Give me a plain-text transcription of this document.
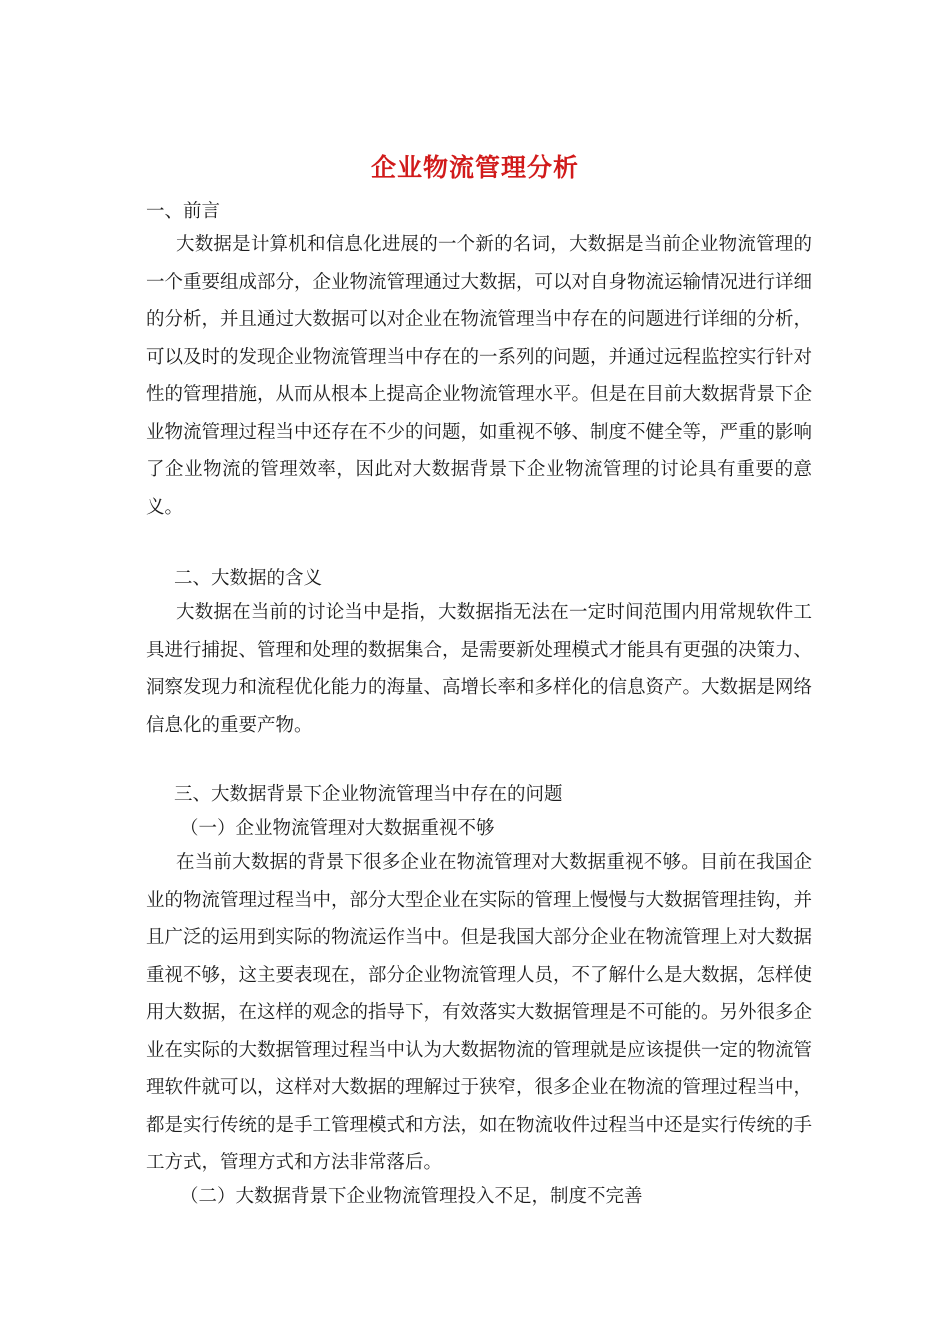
企业物流管理分析

一、前言

大数据是计算机和信息化进展的一个新的名词，大数据是当前企业物流管理的一个重要组成部分，企业物流管理通过大数据，可以对自身物流运输情况进行详细的分析，并且通过大数据可以对企业在物流管理当中存在的问题进行详细的分析，可以及时的发现企业物流管理当中存在的一系列的问题，并通过远程监控实行针对性的管理措施，从而从根本上提高企业物流管理水平。但是在目前大数据背景下企业物流管理过程当中还存在不少的问题，如重视不够、制度不健全等，严重的影响了企业物流的管理效率，因此对大数据背景下企业物流管理的讨论具有重要的意义。

二、大数据的含义

大数据在当前的讨论当中是指，大数据指无法在一定时间范围内用常规软件工具进行捕捉、管理和处理的数据集合，是需要新处理模式才能具有更强的决策力、洞察发现力和流程优化能力的海量、高增长率和多样化的信息资产。大数据是网络信息化的重要产物。

三、大数据背景下企业物流管理当中存在的问题

（一）企业物流管理对大数据重视不够

在当前大数据的背景下很多企业在物流管理对大数据重视不够。目前在我国企业的物流管理过程当中，部分大型企业在实际的管理上慢慢与大数据管理挂钩，并且广泛的运用到实际的物流运作当中。但是我国大部分企业在物流管理上对大数据重视不够，这主要表现在，部分企业物流管理人员，不了解什么是大数据，怎样使用大数据，在这样的观念的指导下，有效落实大数据管理是不可能的。另外很多企业在实际的大数据管理过程当中认为大数据物流的管理就是应该提供一定的物流管理软件就可以，这样对大数据的理解过于狭窄，很多企业在物流的管理过程当中，都是实行传统的是手工管理模式和方法，如在物流收件过程当中还是实行传统的手工方式，管理方式和方法非常落后。

（二）大数据背景下企业物流管理投入不足，制度不完善
